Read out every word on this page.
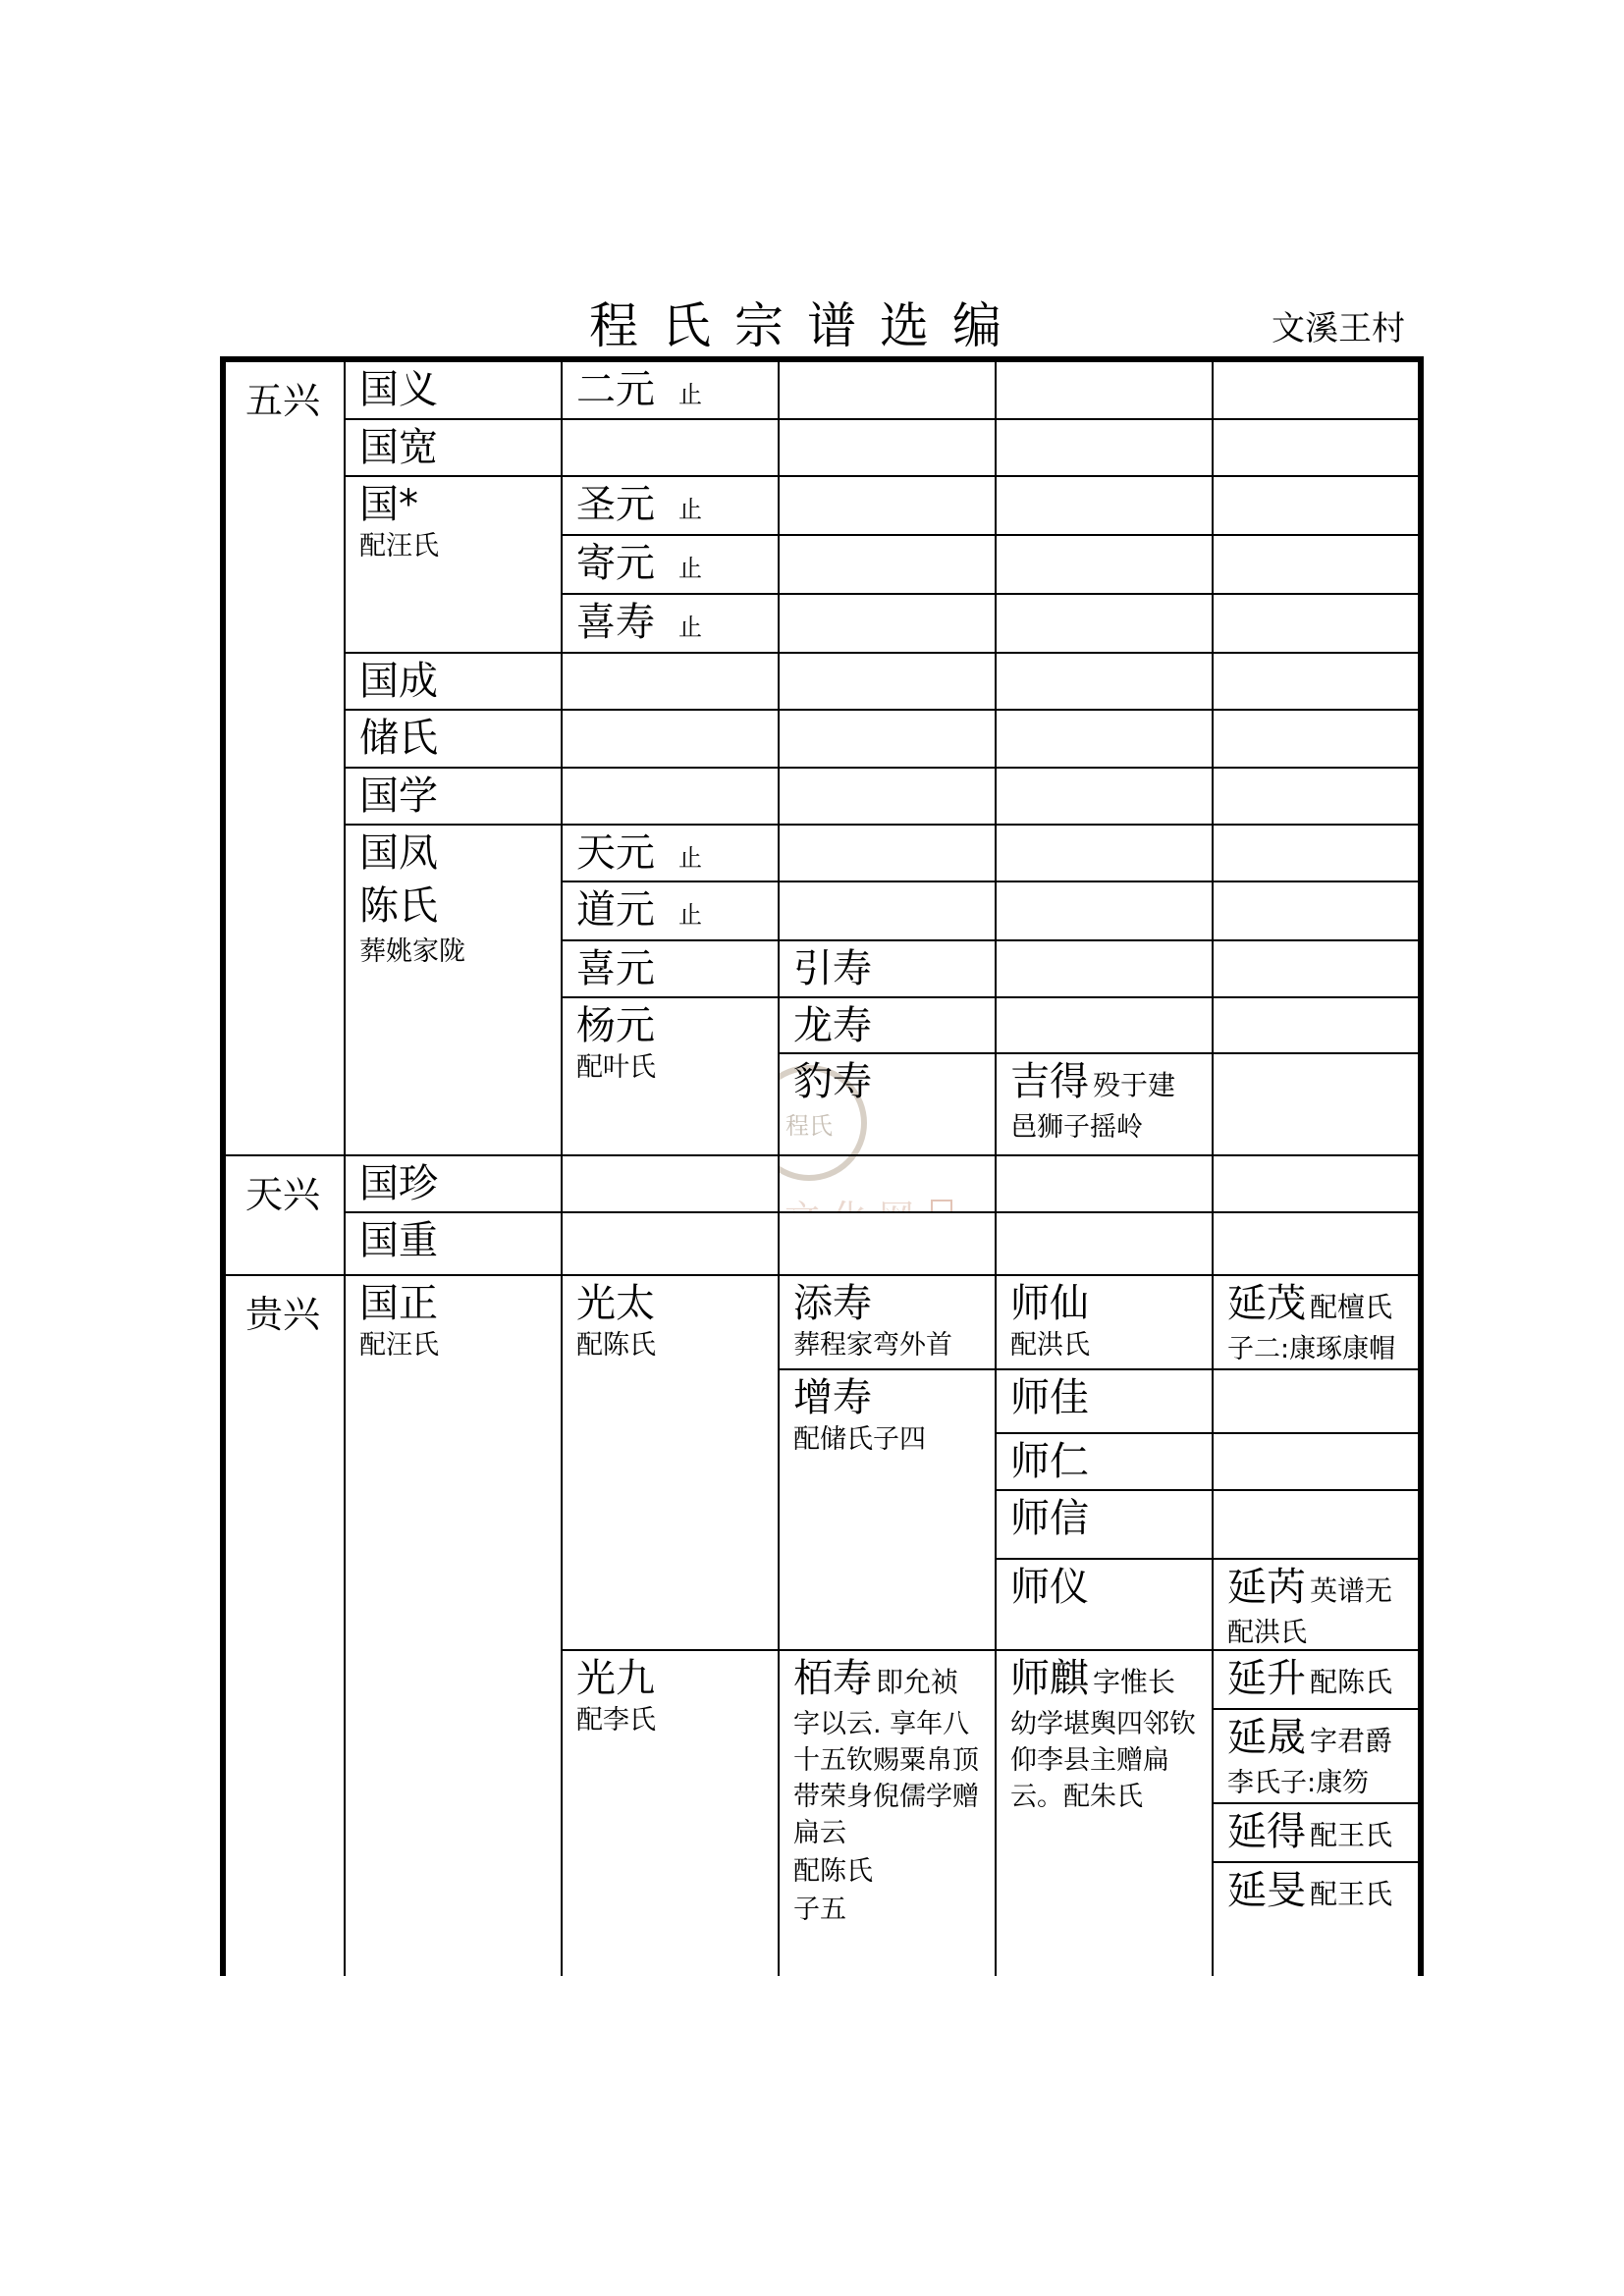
程氏宗谱选编	文溪王村
程氏
五兴
天兴
贵兴
国义
国宽
国*
配汪氏
国成
储氏
国学
国凤
陈氏
葬姚家陇
国珍
国重
国正
配汪氏
二元 止
圣元 止
寄元 止
喜寿 止
天元 止
道元 止
喜元
杨元
配叶氏
光太
配陈氏
光九
配李氏
引寿
龙寿
豹寿
添寿
葬程家弯外首
增寿
配储氏子四
栢寿 即允祯
字以云. 享年八十五钦赐粟帛顶带荣身倪儒学赠扁云
配陈氏
子五
吉得 殁于建
邑狮子摇岭
师仙
配洪氏
师佳
师仁
师信
师仪
师麒 字惟长
幼学堪舆四邻钦仰李县主赠扁云。配朱氏
延茂 配檀氏
子二:康琢康帽
延芮 英谱无
配洪氏
延升 配陈氏
延晟 字君爵
李氏子:康笏
延得 配王氏
延旻 配王氏
